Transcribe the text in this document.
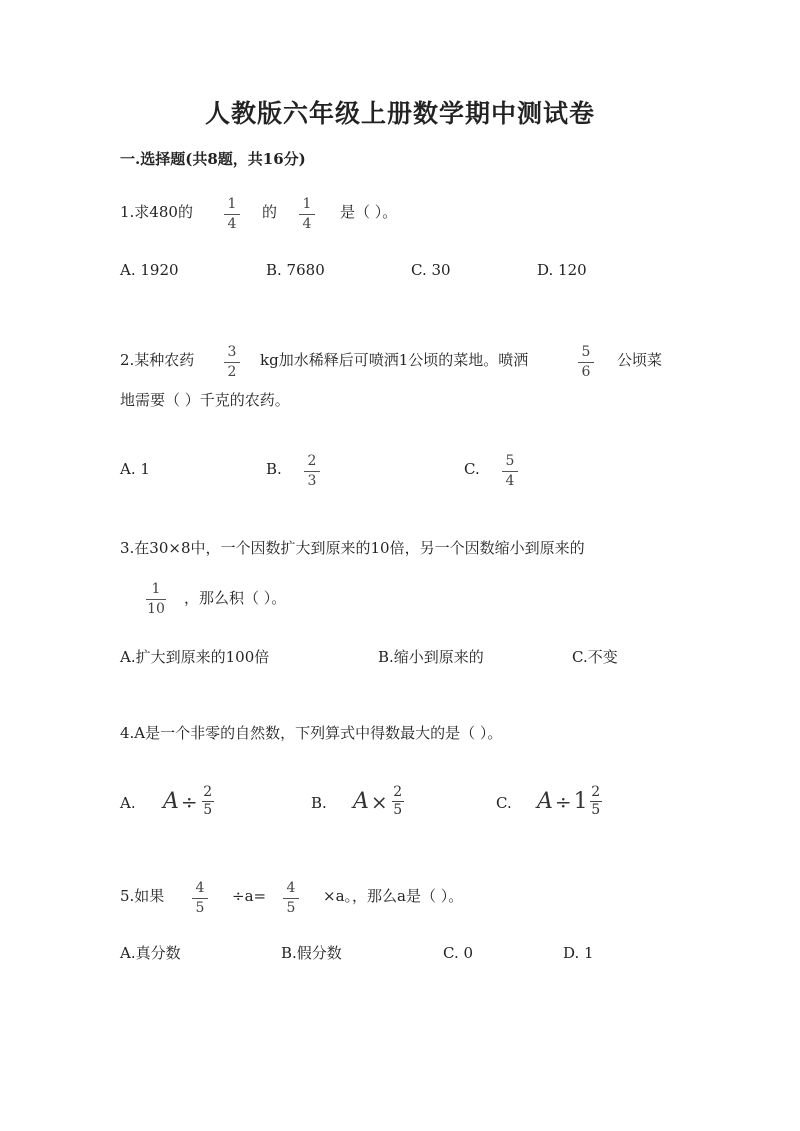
人教版六年级上册数学期中测试卷
一.选择题(共8题，共16分)
1.求480的	1
4
的	1
4
是（ ）。
A. 1920	B. 7680	C. 30	D. 120
2.某种农药	3
2
kg加水稀释后可喷洒1公顷的菜地。喷洒	5
6
公顷菜
地需要（ ）千克的农药。
A. 1	B.	2
3
C.	5
4
3.在30×8中，一个因数扩大到原来的10倍，另一个因数缩小到原来的
1
10
，那么积（ ）。
A.扩大到原来的100倍	B.缩小到原来的	C.不变
4.A是一个非零的自然数，下列算式中得数最大的是（ ）。
A. A ÷ 2
5	B. A × 2
5	C. A ÷ 1 2
5
5.如果	4
5
÷a=	4
5
×a。，那么a是（ ）。
A.真分数	B.假分数	C. 0	D. 1
